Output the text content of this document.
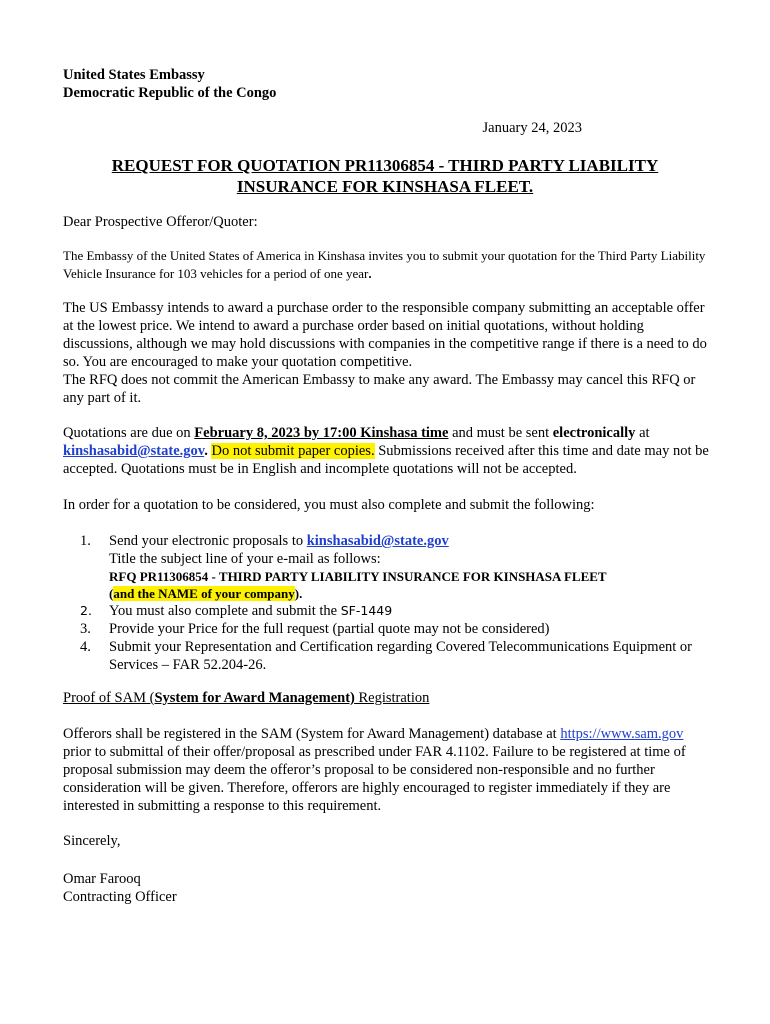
United States Embassy
Democratic Republic of the Congo
January 24, 2023
REQUEST FOR QUOTATION PR11306854 - THIRD PARTY LIABILITY
INSURANCE FOR KINSHASA FLEET.
Dear Prospective Offeror/Quoter:
The Embassy of the United States of America in Kinshasa invites you to submit your quotation for the Third Party Liability Vehicle Insurance for 103 vehicles for a period of one year.
The US Embassy intends to award a purchase order to the responsible company submitting an acceptable offer at the lowest price. We intend to award a purchase order based on initial quotations, without holding discussions, although we may hold discussions with companies in the competitive range if there is a need to do so. You are encouraged to make your quotation competitive.
The RFQ does not commit the American Embassy to make any award. The Embassy may cancel this RFQ or any part of it.
Quotations are due on February 8, 2023 by 17:00 Kinshasa time and must be sent electronically at kinshasabid@state.gov. Do not submit paper copies. Submissions received after this time and date may not be accepted. Quotations must be in English and incomplete quotations will not be accepted.
In order for a quotation to be considered, you must also complete and submit the following:
1. Send your electronic proposals to kinshasabid@state.gov
Title the subject line of your e-mail as follows:
RFQ PR11306854 - THIRD PARTY LIABILITY INSURANCE FOR KINSHASA FLEET
(and the NAME of your company).
2. You must also complete and submit the SF-1449
3. Provide your Price for the full request (partial quote may not be considered)
4. Submit your Representation and Certification regarding Covered Telecommunications Equipment or Services – FAR 52.204-26.
Proof of SAM (System for Award Management) Registration
Offerors shall be registered in the SAM (System for Award Management) database at https://www.sam.gov prior to submittal of their offer/proposal as prescribed under FAR 4.1102. Failure to be registered at time of proposal submission may deem the offeror’s proposal to be considered non-responsible and no further consideration will be given. Therefore, offerors are highly encouraged to register immediately if they are interested in submitting a response to this requirement.
Sincerely,
Omar Farooq
Contracting Officer
